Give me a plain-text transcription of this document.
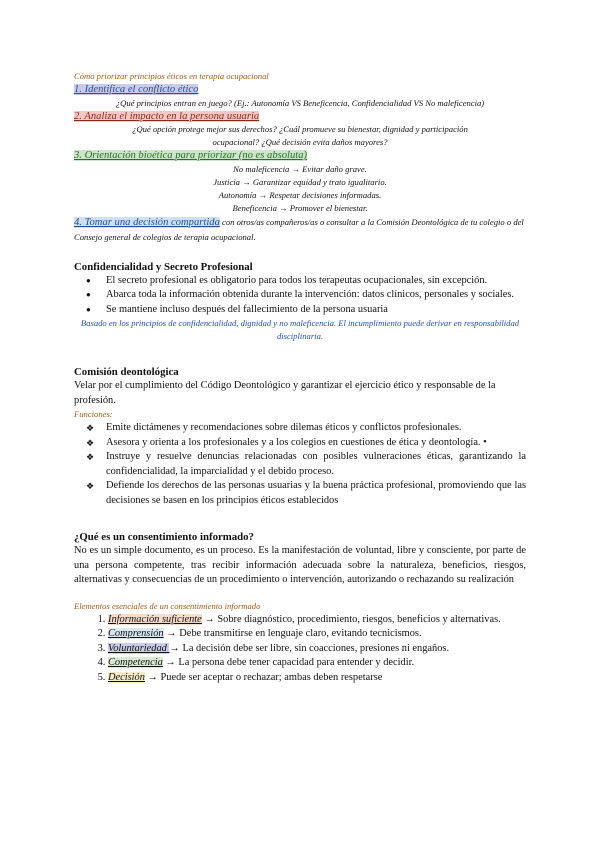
Cómo priorizar principios éticos en terapia ocupacional
1. Identifica el conflicto ético
¿Qué principios entran en juego? (Ej.: Autonomía VS Beneficencia, Confidencialidad VS No maleficencia)
2. Analiza el impacto en la persona usuaria
¿Qué opción protege mejor sus derechos? ¿Cuál promueve su bienestar, dignidad y participación
ocupacional? ¿Qué decisión evita daños mayores?
3. Orientación bioética para priorizar (no es absoluta)
No maleficencia → Evitar daño grave.
Justicia → Garantizar equidad y trato igualitario.
Autonomía → Respetar decisiones informadas.
Beneficencia → Promover el bienestar.
4. Tomar una decisión compartida con otros/as compañeros/as o consultar a la Comisión Deontológica de tu colegio o del Consejo general de colegios de terapia ocupacional.
Confidencialidad y Secreto Profesional
● El secreto profesional es obligatorio para todos los terapeutas ocupacionales, sin excepción.
● Abarca toda la información obtenida durante la intervención: datos clínicos, personales y sociales.
● Se mantiene incluso después del fallecimiento de la persona usuaria
Basado en los principios de confidencialidad, dignidad y no maleficencia. El incumplimiento puede derivar en responsabilidad disciplinaria.
Comisión deontológica
Velar por el cumplimiento del Código Deontológico y garantizar el ejercicio ético y responsable de la profesión.
Funciones:
❖ Emite dictámenes y recomendaciones sobre dilemas éticos y conflictos profesionales.
❖ Asesora y orienta a los profesionales y a los colegios en cuestiones de ética y deontología. •
❖ Instruye y resuelve denuncias relacionadas con posibles vulneraciones éticas, garantizando la confidencialidad, la imparcialidad y el debido proceso.
❖ Defiende los derechos de las personas usuarias y la buena práctica profesional, promoviendo que las decisiones se basen en los principios éticos establecidos
¿Qué es un consentimiento informado?
No es un simple documento, es un proceso. Es la manifestación de voluntad, libre y consciente, por parte de una persona competente, tras recibir información adecuada sobre la naturaleza, beneficios, riesgos, alternativas y consecuencias de un procedimiento o intervención, autorizando o rechazando su realización
Elementos esenciales de un consentimiento informado
1. Información suficiente → Sobre diagnóstico, procedimiento, riesgos, beneficios y alternativas.
2. Comprensión → Debe transmitirse en lenguaje claro, evitando tecnicismos.
3. Voluntariedad → La decisión debe ser libre, sin coacciones, presiones ni engaños.
4. Competencia → La persona debe tener capacidad para entender y decidir.
5. Decisión → Puede ser aceptar o rechazar; ambas deben respetarse
